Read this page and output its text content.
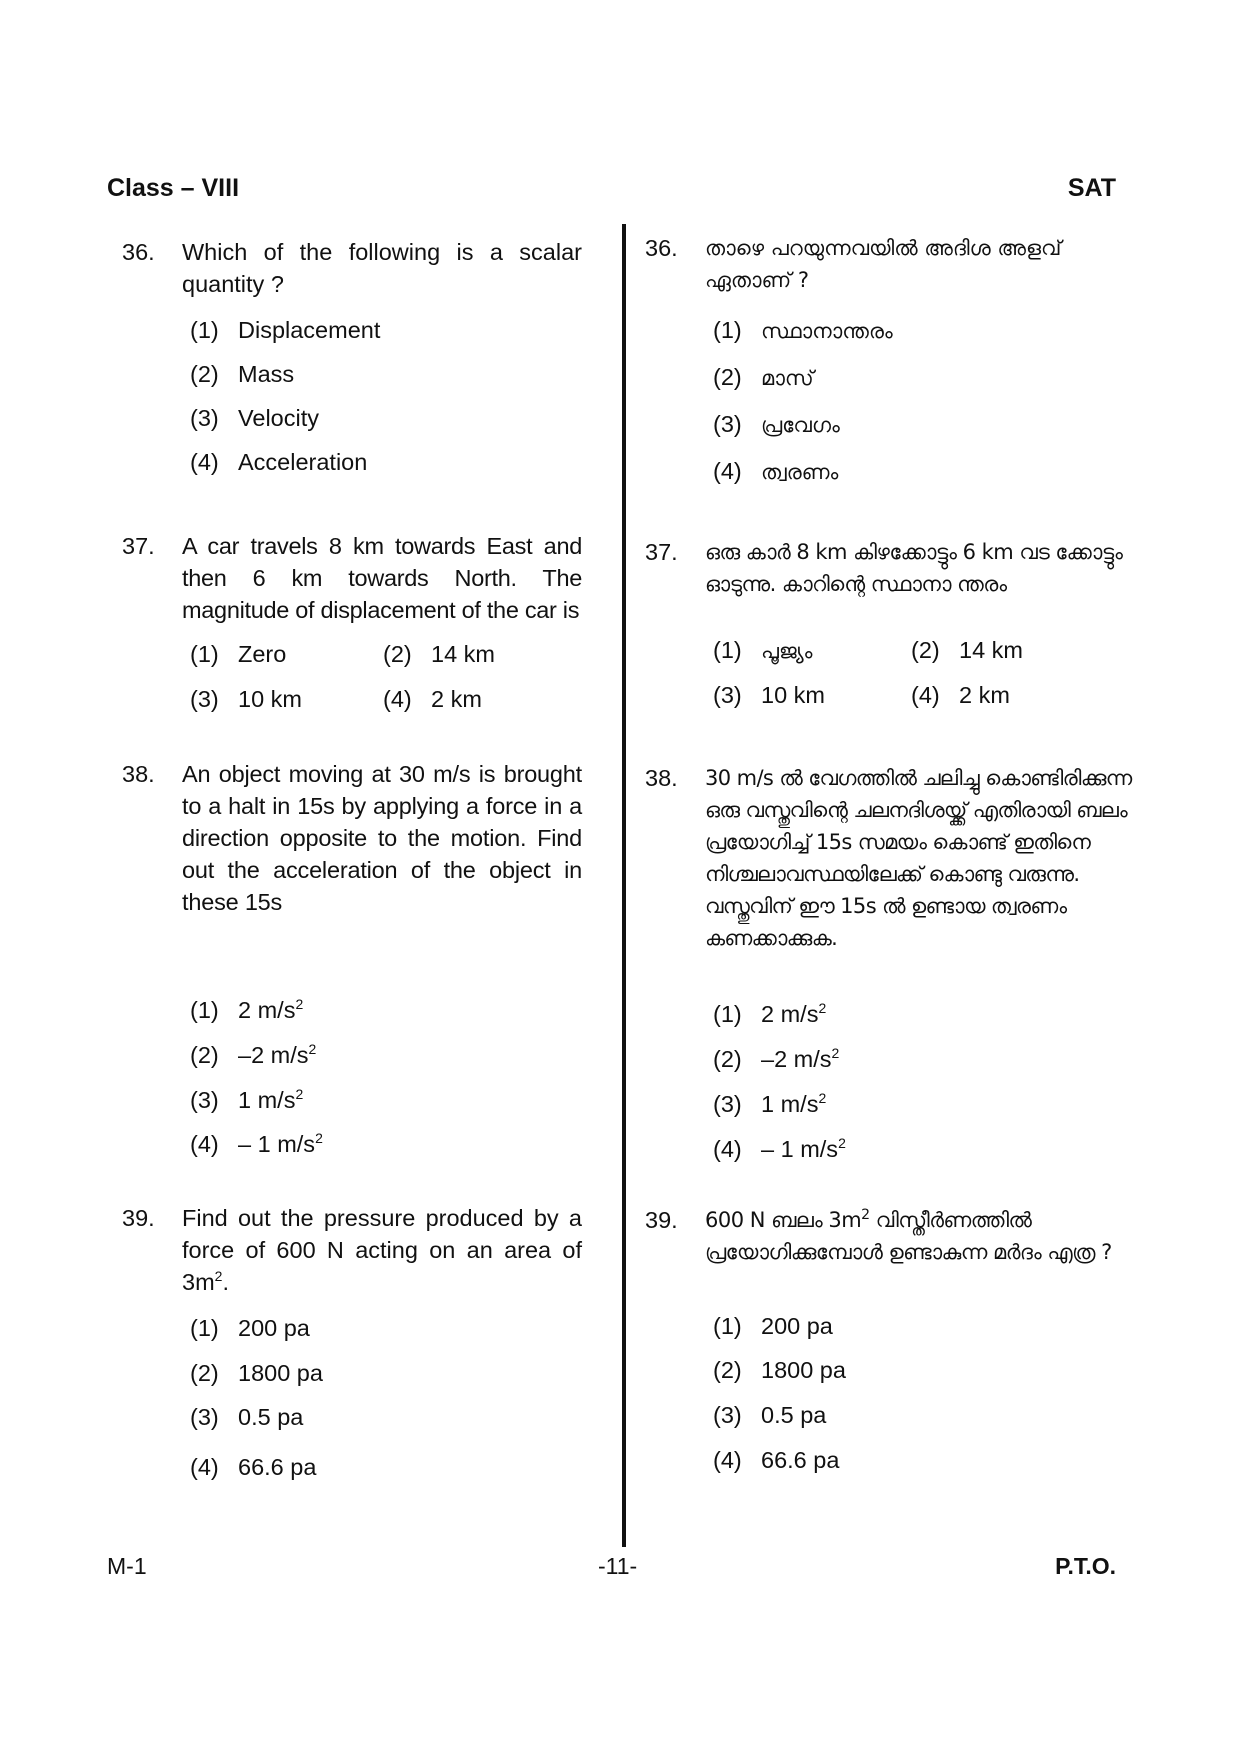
Class – VIII	SAT
36. Which of the following is a scalar quantity ?
(1) Displacement
(2) Mass
(3) Velocity
(4) Acceleration
37. A car travels 8 km towards East and then 6 km towards North. The magnitude of displacement of the car is
(1) Zero	(2) 14 km
(3) 10 km	(4) 2 km
38. An object moving at 30 m/s is brought to a halt in 15s by applying a force in a direction opposite to the motion. Find out the acceleration of the object in these 15s
(1) 2 $m/s^2$
(2) –2 $m/s^2$
(3) 1 $m/s^2$
(4) – 1 $m/s^2$
39. Find out the pressure produced by a force of 600 N acting on an area of $3m^2$.
(1) 200 pa
(2) 1800 pa
(3) 0.5 pa
(4) 66.6 pa
36. താഴെ പറയുന്നവയിൽ അദിശ അളവ് ഏതാണ് ?
(1) സ്ഥാനാന്തരം
(2) മാസ്
(3) പ്രവേഗം
(4) ത്വരണം
37. ഒരു കാർ 8 km കിഴക്കോട്ടും 6 km വട ക്കോട്ടും ഓടുന്നു. കാറിന്റെ സ്ഥാനാ ന്തരം
(1) പൂജ്യം	(2) 14 km
(3) 10 km	(4) 2 km
38. 30 m/s ൽ വേഗത്തിൽ ചലിച്ചു കൊണ്ടിരിക്കുന്ന ഒരു വസ്തുവിന്റെ ചലനദിശയ്ക്ക് എതിരായി ബലം പ്രയോഗിച്ച് 15s സമയം കൊണ്ട് ഇതിനെ നിശ്ചലാവസ്ഥയിലേക്ക് കൊണ്ടു വരുന്നു. വസ്തുവിന് ഈ 15s ൽ ഉണ്ടായ ത്വരണം കണക്കാക്കുക.
(1) 2 $m/s^2$
(2) –2 $m/s^2$
(3) 1 $m/s^2$
(4) – 1 $m/s^2$
39. 600 N ബലം $3m^2$ വിസ്തീർണത്തിൽ പ്രയോഗിക്കുമ്പോൾ ഉണ്ടാകുന്ന മർദം എത്ര ?
(1) 200 pa
(2) 1800 pa
(3) 0.5 pa
(4) 66.6 pa
M-1	-11-	P.T.O.
